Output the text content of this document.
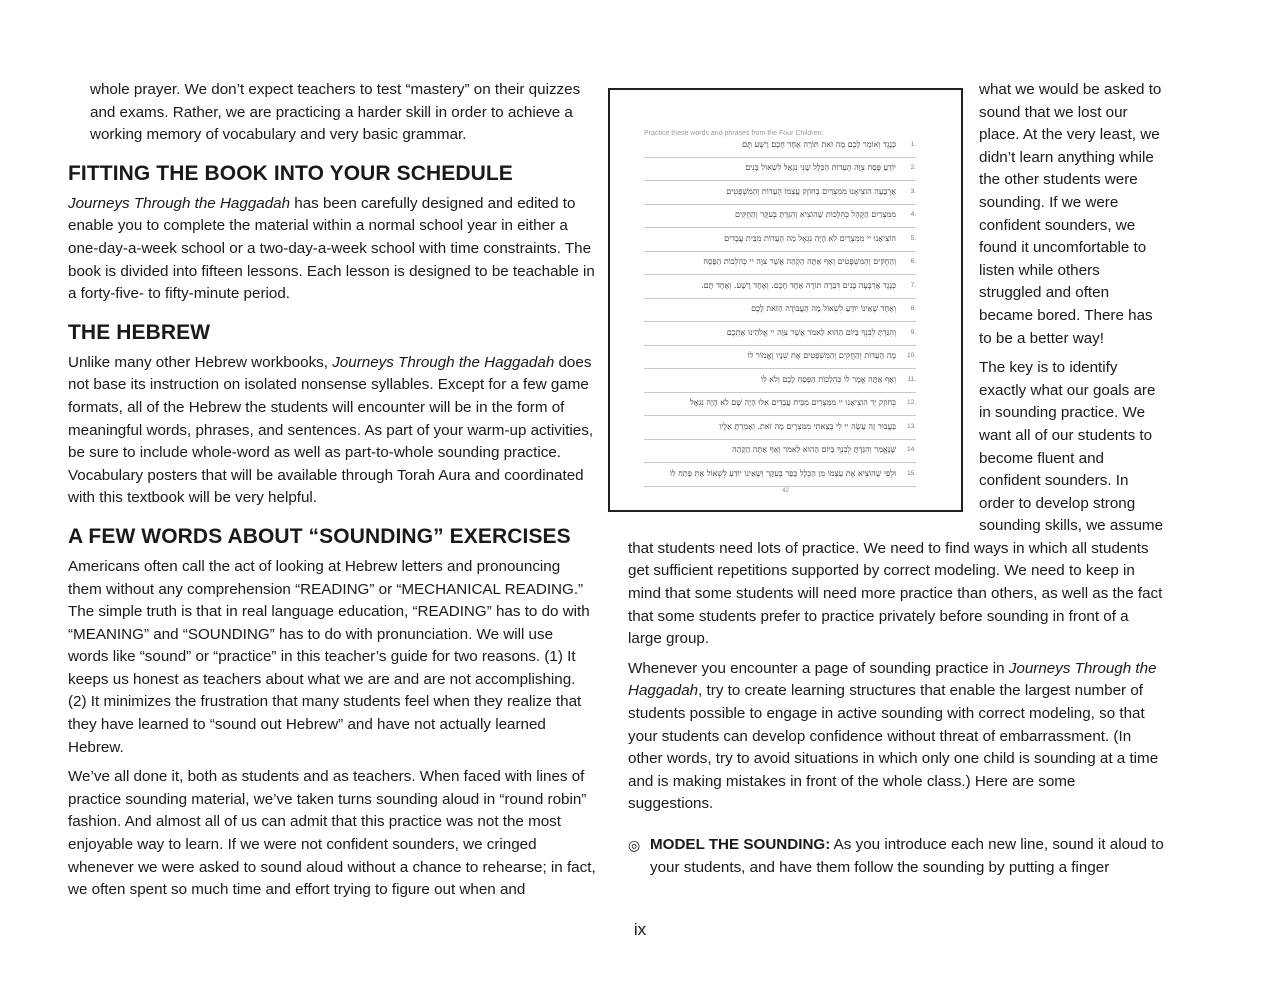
whole prayer. We don’t expect teachers to test “mastery” on their quizzes and exams. Rather, we are practicing a harder skill in order to achieve a working memory of vocabulary and very basic grammar.

FITTING THE BOOK INTO YOUR SCHEDULE

Journeys Through the Haggadah has been carefully designed and edited to enable you to complete the material within a normal school year in either a one-day-a-week school or a two-day-a-week school with time constraints. The book is divided into fifteen lessons. Each lesson is designed to be teachable in a forty-five- to fifty-minute period.

THE HEBREW

Unlike many other Hebrew workbooks, Journeys Through the Haggadah does not base its instruction on isolated nonsense syllables. Except for a few game formats, all of the Hebrew the students will encounter will be in the form of meaningful words, phrases, and sentences. As part of your warm-up activities, be sure to include whole-word as well as part-to-whole sounding practice. Vocabulary posters that will be available through Torah Aura and coordinated with this textbook will be very helpful.

A FEW WORDS ABOUT “SOUNDING” EXERCISES

Americans often call the act of looking at Hebrew letters and pronouncing them without any comprehension “READING” or “MECHANICAL READING.” The simple truth is that in real language education, “READING” has to do with “MEANING” and “SOUNDING” has to do with pronunciation. We will use words like “sound” or “practice” in this teacher’s guide for two reasons. (1) It keeps us honest as teachers about what we are and are not accomplishing. (2) It minimizes the frustration that many students feel when they realize that they have learned to “sound out Hebrew” and have not actually learned Hebrew.

We’ve all done it, both as students and as teachers. When faced with lines of practice sounding material, we’ve taken turns sounding aloud in “round robin” fashion. And almost all of us can admit that this practice was not the most enjoyable way to learn. If we were not confident sounders, we cringed whenever we were asked to sound aloud without a chance to rehearse; in fact, we often spent so much time and effort trying to figure out when and

Practice these words and phrases from the Four Children.
1.
כְּנֶגֶד וְאוֹמֵר לָכֶם מָה זֹאת תּוֹרָה אֶחָד חָכָם רָשָׁע תָּם
2.
יוֹדֵעַ פֶּסַח צִוָּה הָעֵדוֹת הַכְּלָל שָׁנִּי נִגְאַל לִשְׁאוֹל בָּנִים
3.
אַרְבָּעָה הוֹצִיאָנוּ מִמִּצְרַיִם בְּחוֹזֶק עֲצְמוֹ הָעֵדוֹת וְהַמִּשְׁפָּטִים
4.
מִמִּצְרַיִם הַקָּהָל כְּהִלְכוֹת שֶׁהוֹצִיא וְהִגַּדְתָּ בְּעִקָּר וְהַחֻקִּים
5.
הוֹצִיאָנוּ יי מִמִּצְרַיִם לֹא הָיָה נִגְאָל מָה הָעֵדוֹת מִבֵּית עֲבָדִים
6.
וְהַחֻקִּים וְהַמִּשְׁפָּטִים וְאַף אַתָּה הַקְהֵה אֲשֶׁר צִוָּה יי כְּהִלְכוֹת הַפֶּסַח
7.
כְּנֶגֶד אַרְבָּעָה בָנִים דִּבְּרָה תוֹרָה אֶחָד חָכָם. וְאֶחָד רָשָׁע. וְאֶחָד תָּם.
8.
וְאֶחָד שֶׁאֵינוֹ יוֹדֵעַ לִשְׁאוֹל מָה הָעֲבוֹדָה הַזֹּאת לָכֶם
9.
וְהִגַּדְתָּ לְבִנְךָ בַּיּוֹם הַהוּא לֵאמֹר אֲשֶׁר צִוָּה יי אֱלֹהֵינוּ אֶתְכֶם
10.
מָה הָעֵדוֹת וְהַחֻקִּים וְהַמִּשְׁפָּטִים אֶת שִׁנָּיו וֶאֱמוֹר לוֹ
11.
וְאַף אַתָּה אֱמָר לוֹ כְּהִלְכוֹת הַפֶּסַח לָכֶם וְלֹא לוֹ
12.
בְּחוֹזֶק יָד הוֹצִיאָנוּ יי מִמִּצְרַיִם מִבֵּית עֲבָדִים אִלּוּ הָיָה שָׁם לֹא הָיָה נִגְאָל
13.
בַּעֲבוּר זֶה עָשָׂה יי לִי בְּצֵאתִי מִמִּצְרָיִם מָה זֹּאת. וְאָמַרְתָּ אֵלָיו
14.
שֶׁנֶּאֱמַר וְהִגַּדְתָּ לְבִנְךָ בַּיּוֹם הַהוּא לֵאמֹר וְאַף אַתָּה הַקְהֵה
15.
וּלְפִי שֶׁהוֹצִיא אֶת עַצְמוֹ מִן הַכְּלָל כָּפַר בְּעִקָּר וְשֶׁאֵינוֹ יוֹדֵעַ לִשְׁאוֹל אַתְּ פְּתַח לוֹ
42

what we would be asked to sound that we lost our place. At the very least, we didn’t learn anything while the other students were sounding. If we were confident sounders, we found it uncomfortable to listen while others struggled and often became bored. There has to be a better way!

The key is to identify exactly what our goals are in sounding practice. We want all of our students to become fluent and confident sounders. In order to develop strong sounding skills, we assume that students need lots of practice. We need to find ways in which all students get sufficient repetitions supported by correct modeling. We need to keep in mind that some students will need more practice than others, as well as the fact that some students prefer to practice privately before sounding in front of a large group.

Whenever you encounter a page of sounding practice in Journeys Through the Haggadah, try to create learning structures that enable the largest number of students possible to engage in active sounding with correct modeling, so that your students can develop confidence without threat of embarrassment. (In other words, try to avoid situations in which only one child is sounding at a time and is making mistakes in front of the whole class.) Here are some suggestions.

◎ MODEL THE SOUNDING: As you introduce each new line, sound it aloud to your students, and have them follow the sounding by putting a finger
ix
